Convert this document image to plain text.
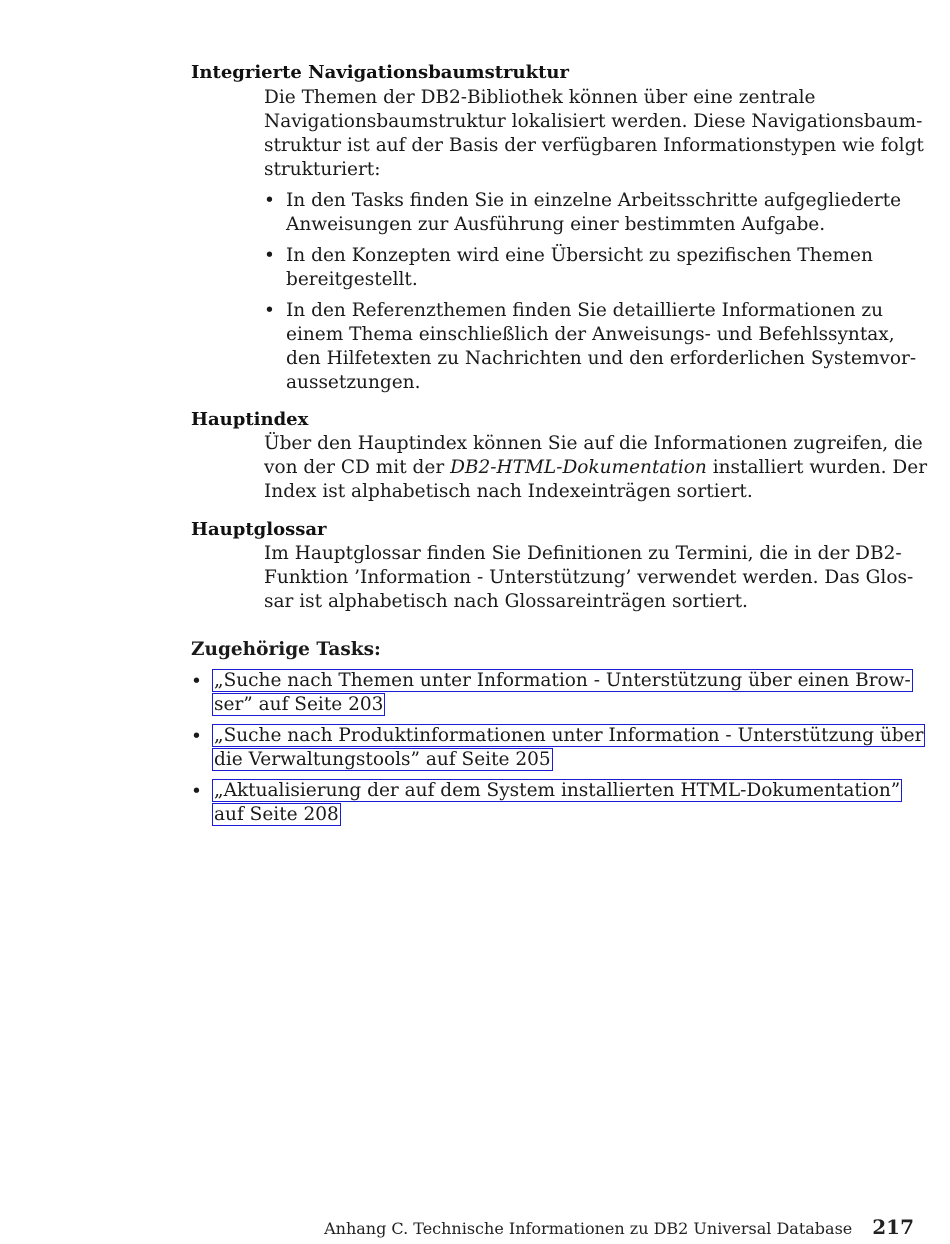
Integrierte Navigationsbaumstruktur
Die Themen der DB2-Bibliothek können über eine zentrale
Navigationsbaumstruktur lokalisiert werden. Diese Navigationsbaum-
struktur ist auf der Basis der verfügbaren Informationstypen wie folgt
strukturiert:
• In den Tasks finden Sie in einzelne Arbeitsschritte aufgegliederte
Anweisungen zur Ausführung einer bestimmten Aufgabe.
• In den Konzepten wird eine Übersicht zu spezifischen Themen
bereitgestellt.
• In den Referenzthemen finden Sie detaillierte Informationen zu
einem Thema einschließlich der Anweisungs- und Befehlssyntax,
den Hilfetexten zu Nachrichten und den erforderlichen Systemvor-
aussetzungen.
Hauptindex
Über den Hauptindex können Sie auf die Informationen zugreifen, die
von der CD mit der DB2-HTML-Dokumentation installiert wurden. Der
Index ist alphabetisch nach Indexeinträgen sortiert.
Hauptglossar
Im Hauptglossar finden Sie Definitionen zu Termini, die in der DB2-
Funktion ’Information - Unterstützung’ verwendet werden. Das Glos-
sar ist alphabetisch nach Glossareinträgen sortiert.
Zugehörige Tasks:
• „Suche nach Themen unter Information - Unterstützung über einen Brow-
ser” auf Seite 203
• „Suche nach Produktinformationen unter Information - Unterstützung über
die Verwaltungstools” auf Seite 205
• „Aktualisierung der auf dem System installierten HTML-Dokumentation”
auf Seite 208
Anhang C. Technische Informationen zu DB2 Universal Database 217
